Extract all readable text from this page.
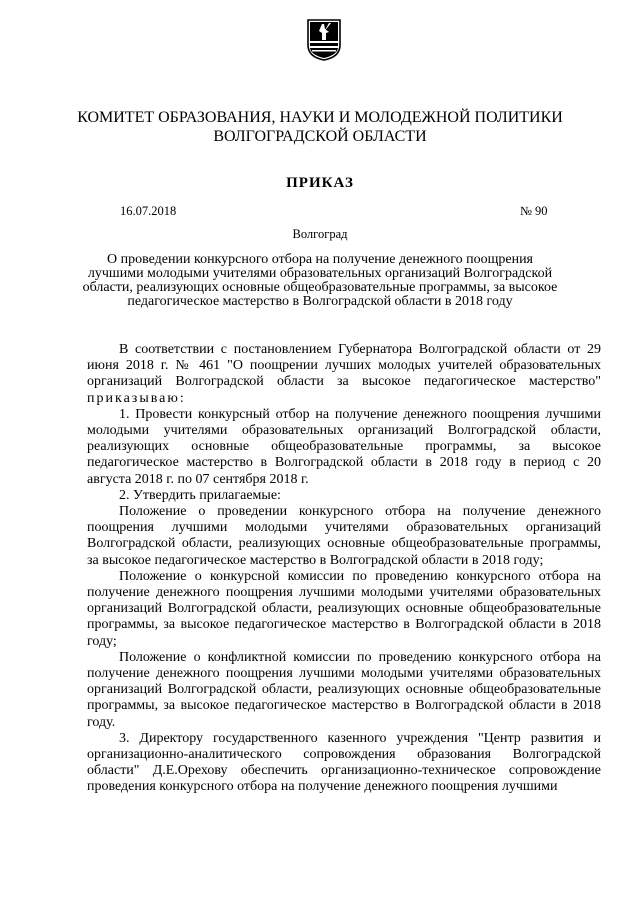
КОМИТЕТ ОБРАЗОВАНИЯ, НАУКИ И МОЛОДЕЖНОЙ ПОЛИТИКИ
ВОЛГОГРАДСКОЙ ОБЛАСТИ
ПРИКАЗ
16.07.2018	№ 90
Волгоград
О проведении конкурсного отбора на получение денежного поощрения
лучшими молодыми учителями образовательных организаций Волгоградской
области, реализующих основные общеобразовательные программы, за высокое
педагогическое мастерство в Волгоградской области в 2018 году

В соответствии с постановлением Губернатора Волгоградской области от 29 июня 2018 г. № 461 "О поощрении лучших молодых учителей образовательных организаций Волгоградской области за высокое педагогическое мастерство" приказываю:

1. Провести конкурсный отбор на получение денежного поощрения лучшими молодыми учителями образовательных организаций Волгоградской области, реализующих основные общеобразовательные программы, за высокое педагогическое мастерство в Волгоградской области в 2018 году в период с 20 августа 2018 г. по 07 сентября 2018 г.

2. Утвердить прилагаемые:

Положение о проведении конкурсного отбора на получение денежного поощрения лучшими молодыми учителями образовательных организаций Волгоградской области, реализующих основные общеобразовательные программы, за высокое педагогическое мастерство в Волгоградской области в 2018 году;

Положение о конкурсной комиссии по проведению конкурсного отбора на получение денежного поощрения лучшими молодыми учителями образовательных организаций Волгоградской области, реализующих основные общеобразовательные программы, за высокое педагогическое мастерство в Волгоградской области в 2018 году;

Положение о конфликтной комиссии по проведению конкурсного отбора на получение денежного поощрения лучшими молодыми учителями образовательных организаций Волгоградской области, реализующих основные общеобразовательные программы, за высокое педагогическое мастерство в Волгоградской области в 2018 году.

3. Директору государственного казенного учреждения "Центр развития и организационно-аналитического сопровождения образования Волгоградской области" Д.Е.Орехову обеспечить организационно-техническое сопровождение проведения конкурсного отбора на получение денежного поощрения лучшими
